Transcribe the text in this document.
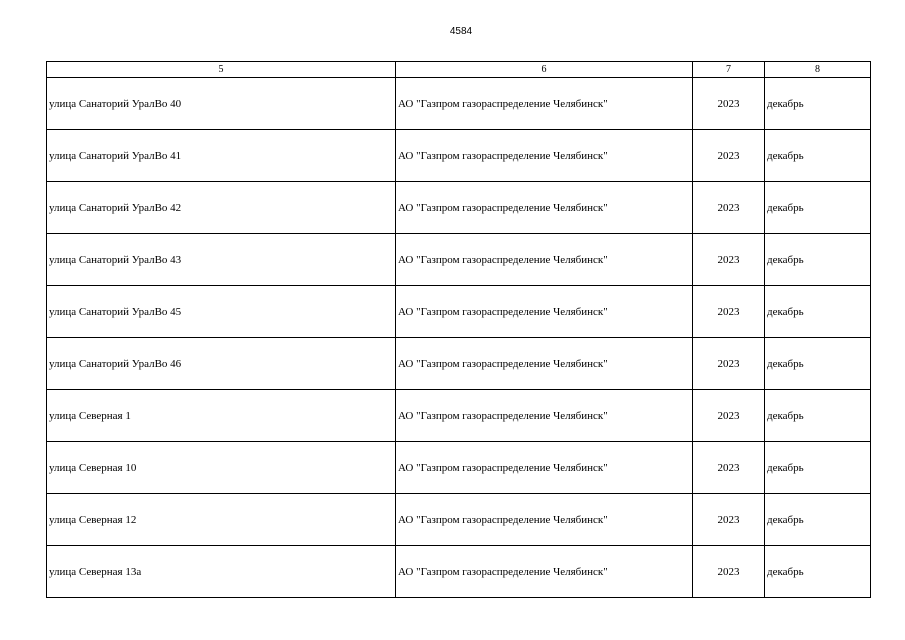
4584
5	6	7	8
улица Санаторий УралВо 40	АО "Газпром газораспределение Челябинск"	2023	декабрь
улица Санаторий УралВо 41	АО "Газпром газораспределение Челябинск"	2023	декабрь
улица Санаторий УралВо 42	АО "Газпром газораспределение Челябинск"	2023	декабрь
улица Санаторий УралВо 43	АО "Газпром газораспределение Челябинск"	2023	декабрь
улица Санаторий УралВо 45	АО "Газпром газораспределение Челябинск"	2023	декабрь
улица Санаторий УралВо 46	АО "Газпром газораспределение Челябинск"	2023	декабрь
улица Северная 1	АО "Газпром газораспределение Челябинск"	2023	декабрь
улица Северная 10	АО "Газпром газораспределение Челябинск"	2023	декабрь
улица Северная 12	АО "Газпром газораспределение Челябинск"	2023	декабрь
улица Северная 13а	АО "Газпром газораспределение Челябинск"	2023	декабрь
